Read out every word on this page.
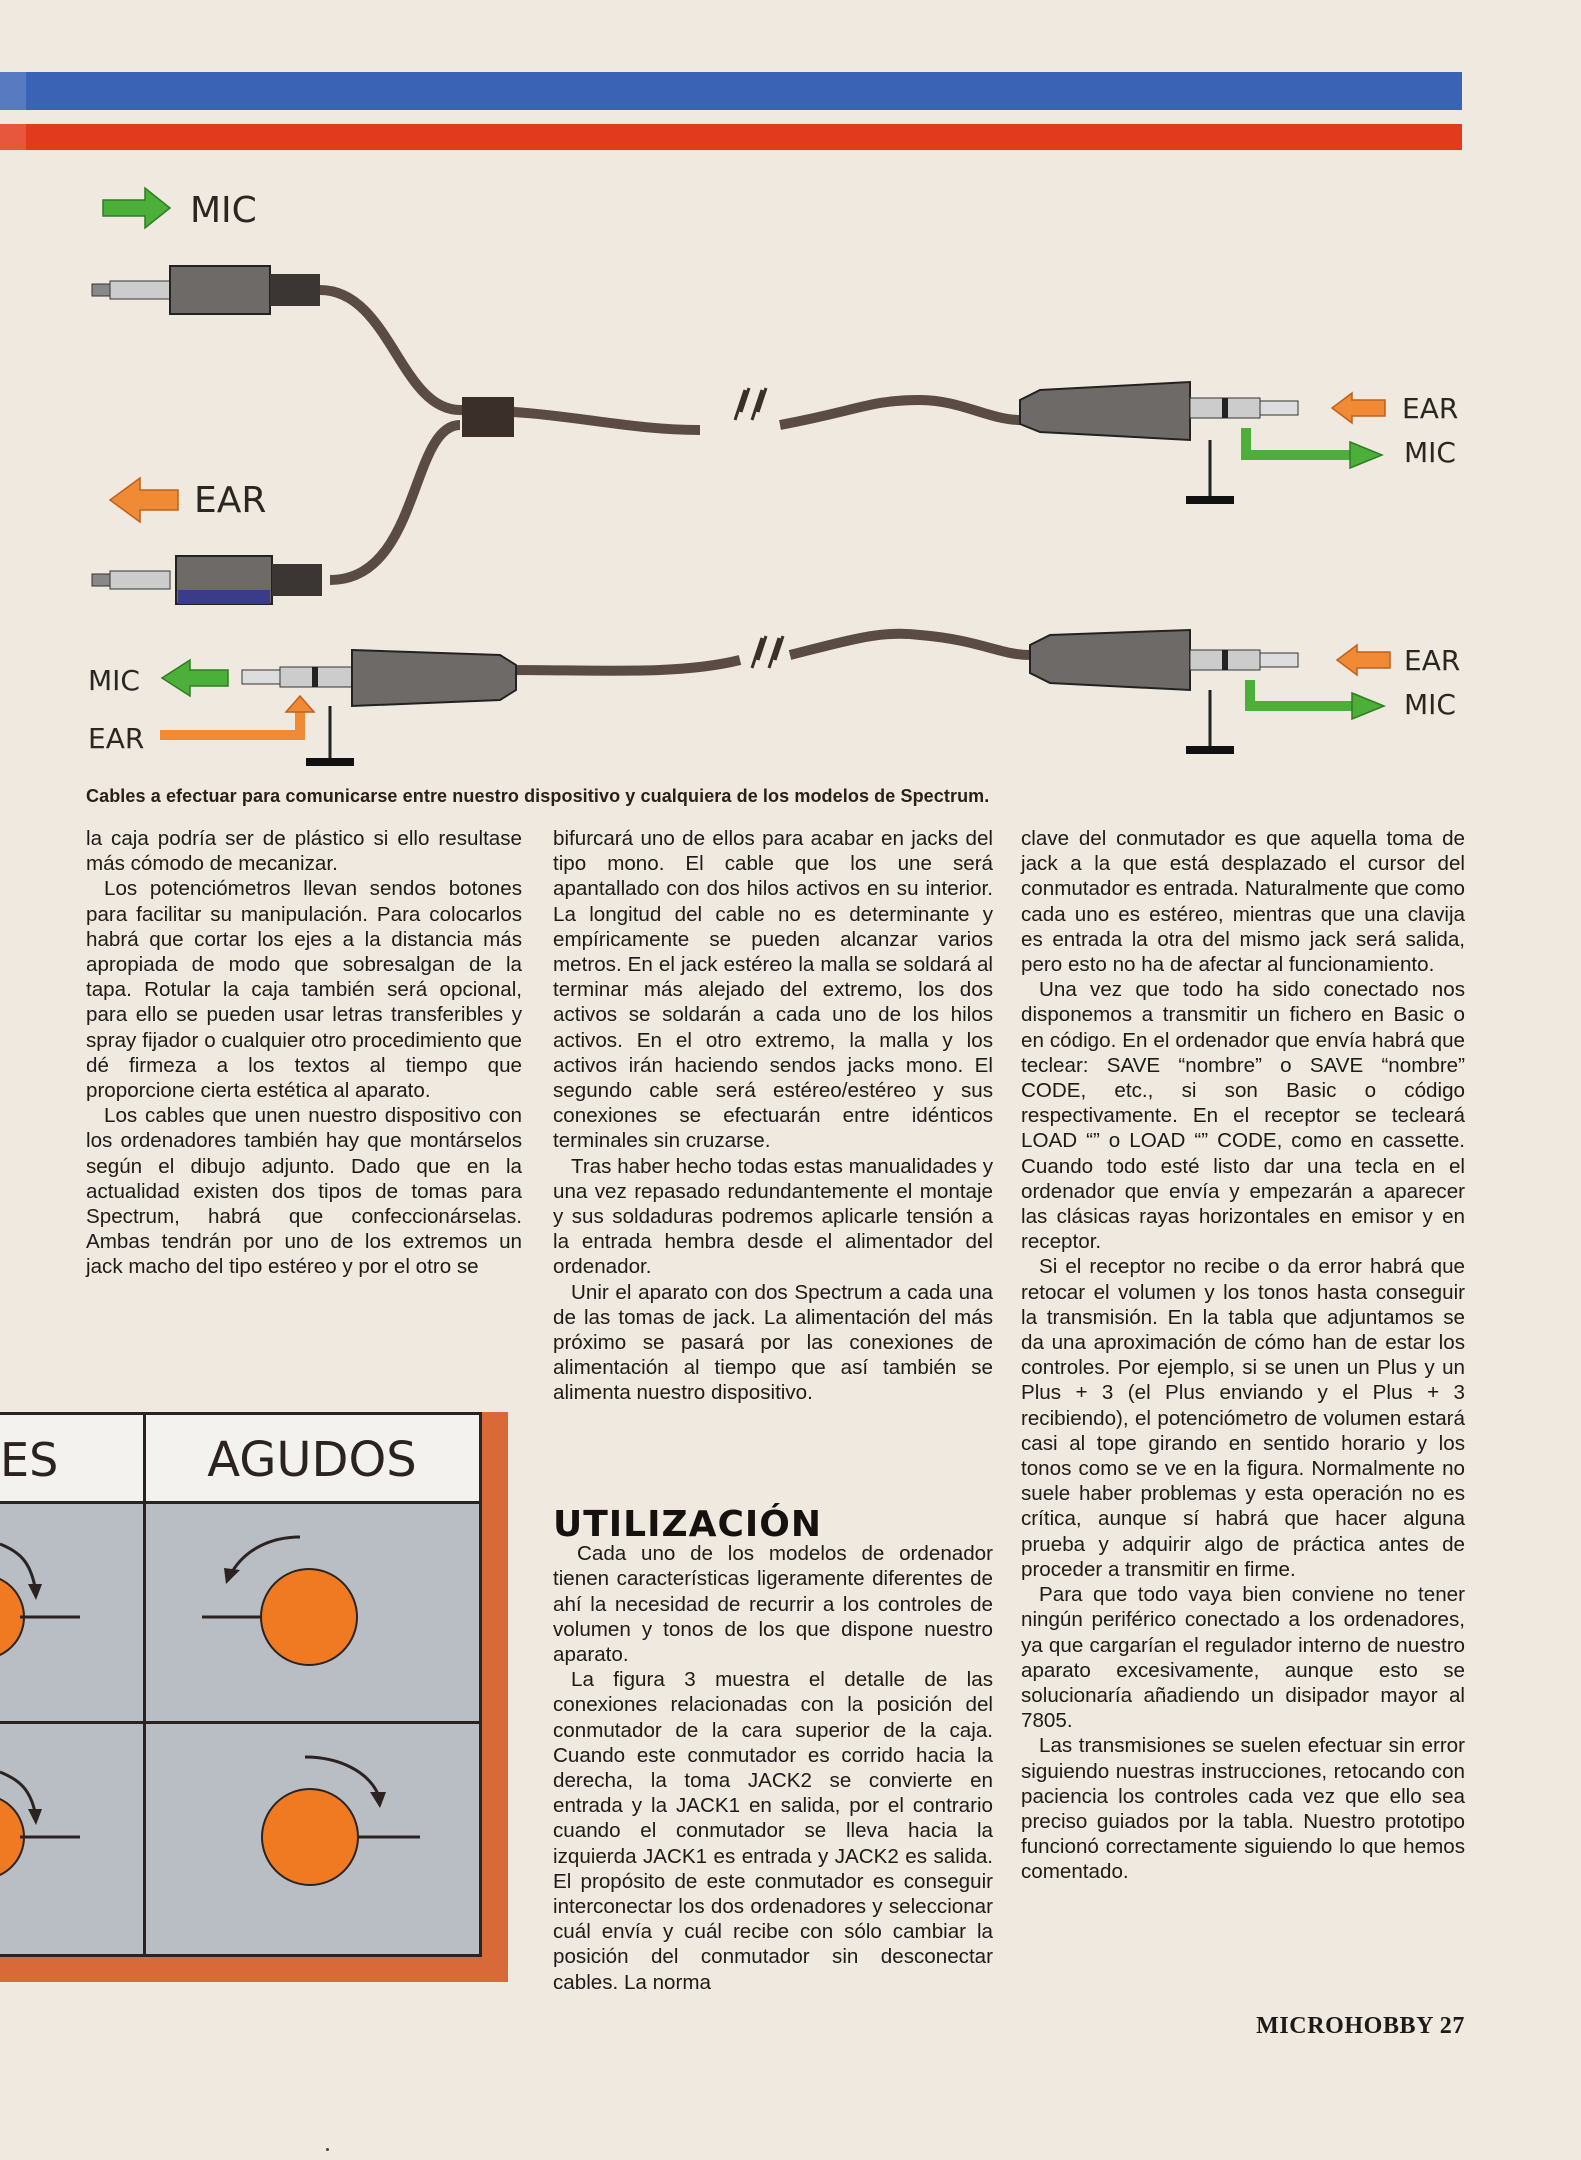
MIC
EAR
EAR
MIC
MIC
EAR
EAR
MIC
Cables a efectuar para comunicarse entre nuestro dispositivo y cualquiera de los modelos de Spectrum.

la caja podría ser de plástico si ello resultase más cómodo de mecanizar.

Los potenciómetros llevan sendos botones para facilitar su manipulación. Para colocarlos habrá que cortar los ejes a la distancia más apropiada de modo que sobresalgan de la tapa. Rotular la caja también será opcional, para ello se pueden usar letras transferibles y spray fijador o cualquier otro procedimiento que dé firmeza a los textos al tiempo que proporcione cierta estética al aparato.

Los cables que unen nuestro dispositivo con los ordenadores también hay que montárselos según el dibujo adjunto. Dado que en la actualidad existen dos tipos de tomas para Spectrum, habrá que confeccionárselas. Ambas tendrán por uno de los extremos un jack macho del tipo estéreo y por el otro se

bifurcará uno de ellos para acabar en jacks del tipo mono. El cable que los une será apantallado con dos hilos activos en su interior. La longitud del cable no es determinante y empíricamente se pueden alcanzar varios metros. En el jack estéreo la malla se soldará al terminar más alejado del extremo, los dos activos se soldarán a cada uno de los hilos activos. En el otro extremo, la malla y los activos irán haciendo sendos jacks mono. El segundo cable será estéreo/estéreo y sus conexiones se efectuarán entre idénticos terminales sin cruzarse.

Tras haber hecho todas estas manualidades y una vez repasado redundantemente el montaje y sus soldaduras podremos aplicarle tensión a la entrada hembra desde el alimentador del ordenador.

Unir el aparato con dos Spectrum a cada una de las tomas de jack. La alimentación del más próximo se pasará por las conexiones de alimentación al tiempo que así también se alimenta nuestro dispositivo.

UTILIZACIÓN

Cada uno de los modelos de ordenador tienen características ligeramente diferentes de ahí la necesidad de recurrir a los controles de volumen y tonos de los que dispone nuestro aparato.

La figura 3 muestra el detalle de las conexiones relacionadas con la posición del conmutador de la cara superior de la caja. Cuando este conmutador es corrido hacia la derecha, la toma JACK2 se convierte en entrada y la JACK1 en salida, por el contrario cuando el conmutador se lleva hacia la izquierda JACK1 es entrada y JACK2 es salida. El propósito de este conmutador es conseguir interconectar los dos ordenadores y seleccionar cuál envía y cuál recibe con sólo cambiar la posición del conmutador sin desconectar cables. La norma

clave del conmutador es que aquella toma de jack a la que está desplazado el cursor del conmutador es entrada. Naturalmente que como cada uno es estéreo, mientras que una clavija es entrada la otra del mismo jack será salida, pero esto no ha de afectar al funcionamiento.

Una vez que todo ha sido conectado nos disponemos a transmitir un fichero en Basic o en código. En el ordenador que envía habrá que teclear: SAVE “nombre” o SAVE “nombre” CODE, etc., si son Basic o código respectivamente. En el receptor se tecleará LOAD “” o LOAD “” CODE, como en cassette. Cuando todo esté listo dar una tecla en el ordenador que envía y empezarán a aparecer las clásicas rayas horizontales en emisor y en receptor.

Si el receptor no recibe o da error habrá que retocar el volumen y los tonos hasta conseguir la transmisión. En la tabla que adjuntamos se da una aproximación de cómo han de estar los controles. Por ejemplo, si se unen un Plus y un Plus + 3 (el Plus enviando y el Plus + 3 recibiendo), el potenciómetro de volumen estará casi al tope girando en sentido horario y los tonos como se ve en la figura. Normalmente no suele haber problemas y esta operación no es crítica, aunque sí habrá que hacer alguna prueba y adquirir algo de práctica antes de proceder a transmitir en firme.

Para que todo vaya bien conviene no tener ningún periférico conectado a los ordenadores, ya que cargarían el regulador interno de nuestro aparato excesivamente, aunque esto se solucionaría añadiendo un disipador mayor al 7805.

Las transmisiones se suelen efectuar sin error siguiendo nuestras instrucciones, retocando con paciencia los controles cada vez que ello sea preciso guiados por la tabla. Nuestro prototipo funcionó correctamente siguiendo lo que hemos comentado.

ES	AGUDOS
MICROHOBBY 27
